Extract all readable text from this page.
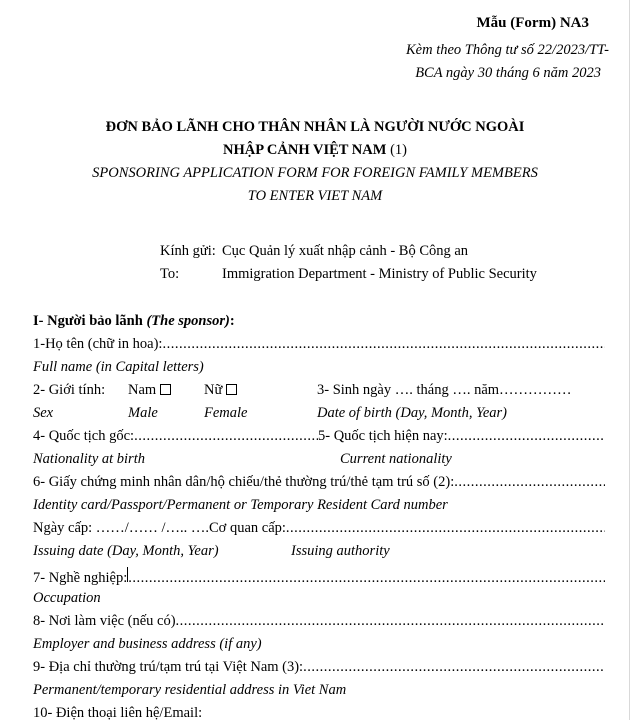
Mẫu (Form) NA3
Kèm theo Thông tư số 22/2023/TT-
BCA ngày 30 tháng 6 năm 2023
ĐƠN BẢO LÃNH CHO THÂN NHÂN LÀ NGƯỜI NƯỚC NGOÀI
NHẬP CẢNH VIỆT NAM (1)
SPONSORING APPLICATION FORM FOR FOREIGN FAMILY MEMBERS
TO ENTER VIET NAM
Kính gửi: Cục Quản lý xuất nhập cảnh - Bộ Công an
To:	Immigration Department - Ministry of Public Security
I- Người bảo lãnh (The sponsor):
1-Họ tên (chữ in hoa):
.....
Full name (in Capital letters)
2- Giới tính: Nam	Nữ	3- Sinh ngày …. tháng …. năm……………
Sex	Male	Female	Date of birth (Day, Month, Year)
4- Quốc tịch gốc:
.....	5- Quốc tịch hiện nay:
.....
Nationality at birth	Current nationality
6- Giấy chứng minh nhân dân/hộ chiếu/thẻ thường trú/thẻ tạm trú số (2):
.....
Identity card/Passport/Permanent or Temporary Resident Card number
Ngày cấp: ……/…… /….. ….Cơ quan cấp:
.....
Issuing date (Day, Month, Year)	Issuing authority
7- Nghề nghiệp:
.....
Occupation
8- Nơi làm việc (nếu có)
.....
Employer and business address (if any)
9- Địa chỉ thường trú/tạm trú tại Việt Nam (3):
.....
Permanent/temporary residential address in Viet Nam
10- Điện thoại liên hệ/Email:
